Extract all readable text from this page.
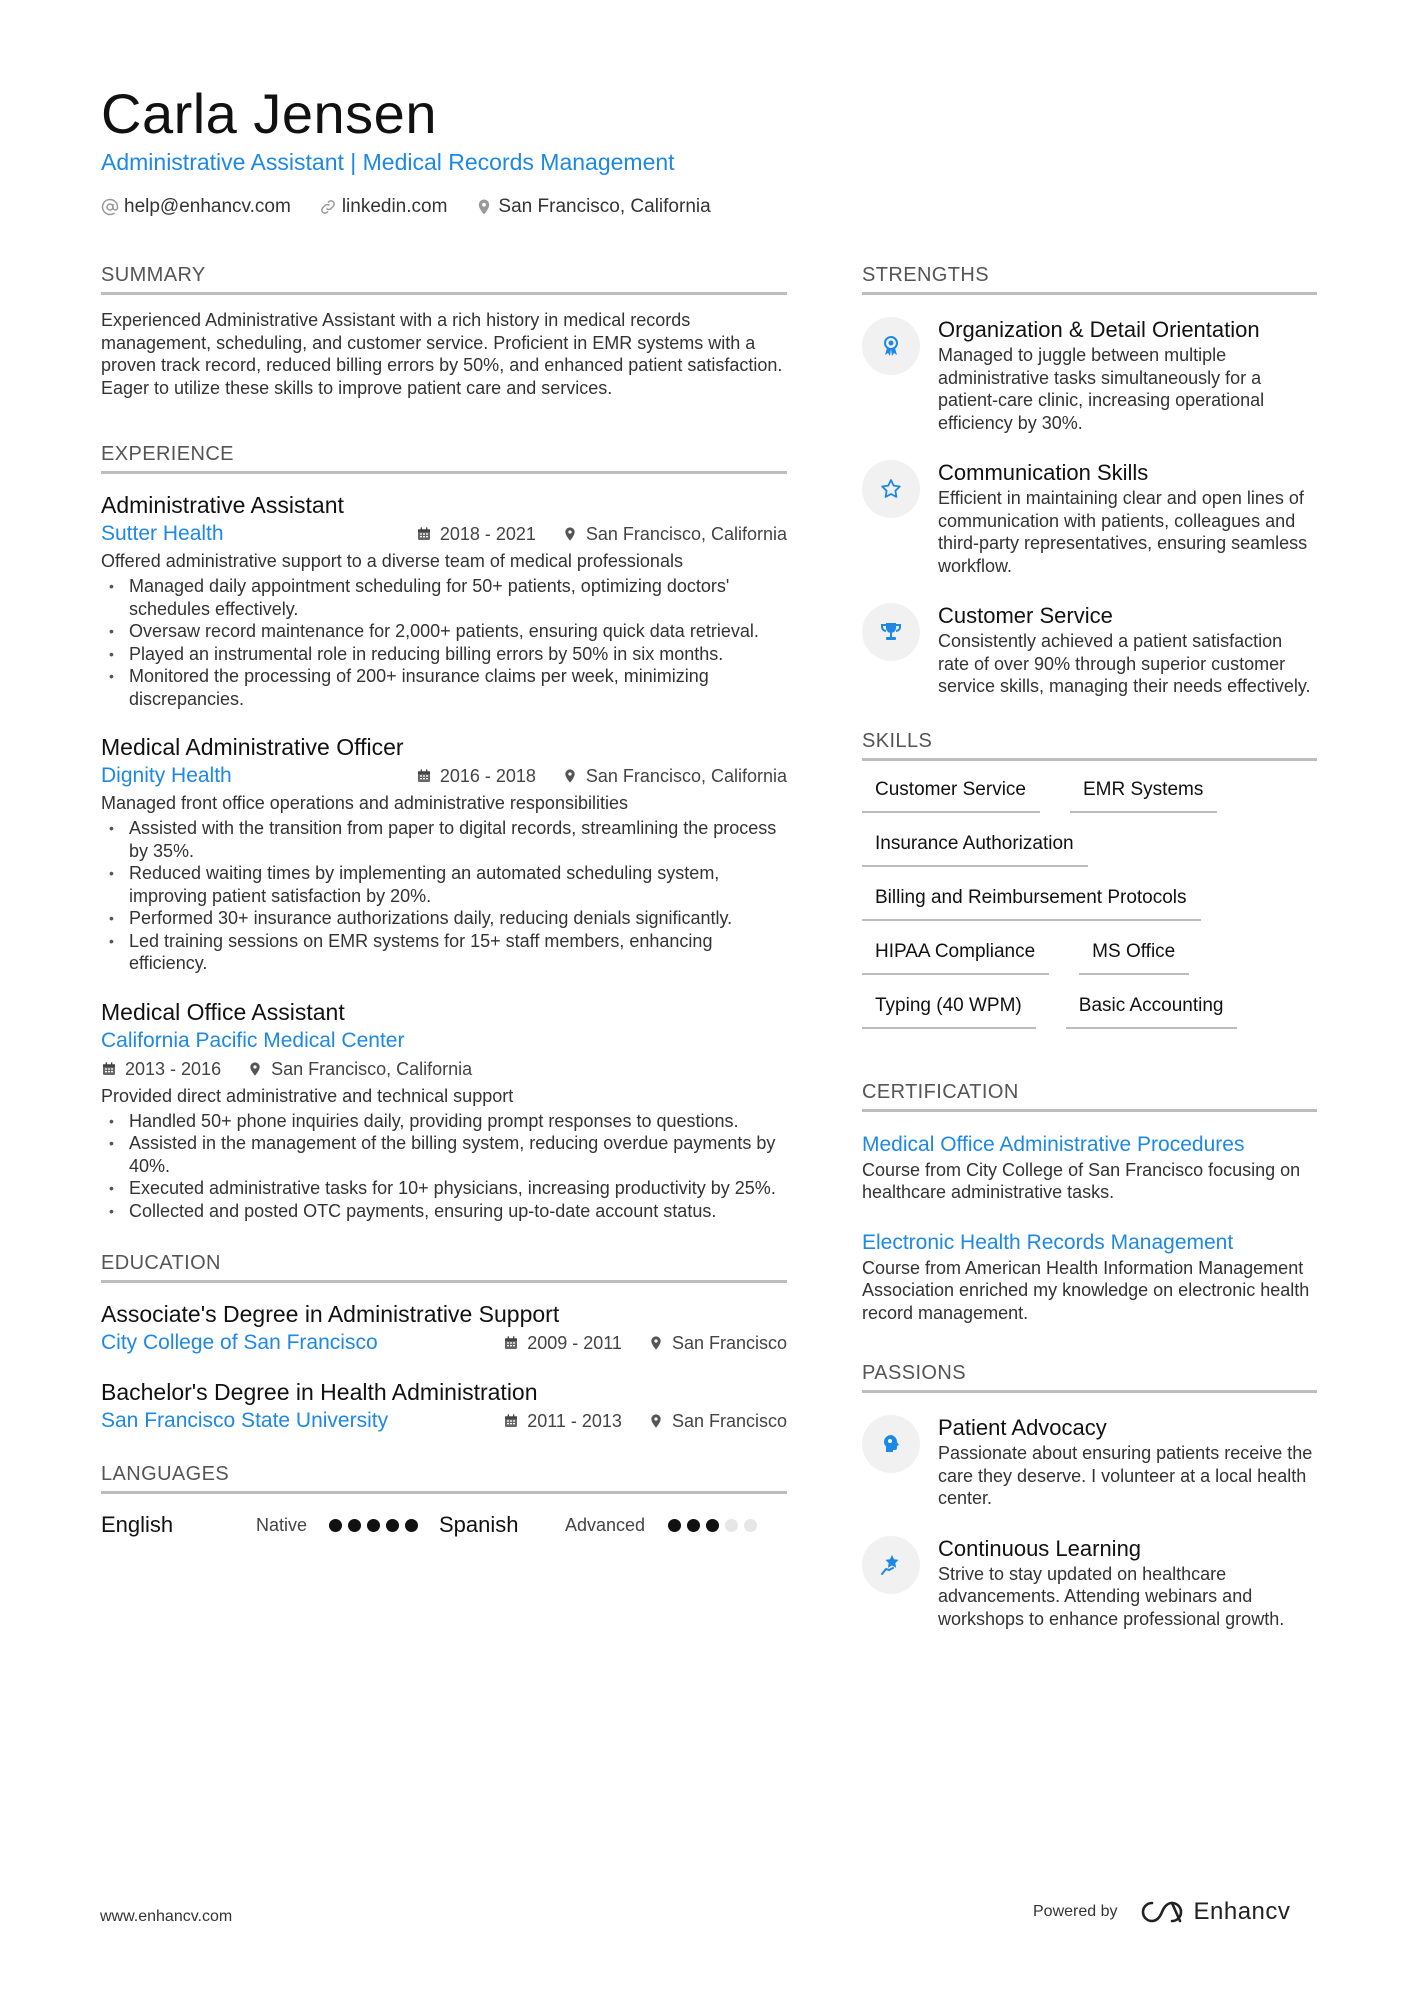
Carla Jensen
Administrative Assistant | Medical Records Management
help@enhancv.com	linkedin.com	San Francisco, California
SUMMARY

Experienced Administrative Assistant with a rich history in medical records management, scheduling, and customer service. Proficient in EMR systems with a proven track record, reduced billing errors by 50%, and enhanced patient satisfaction. Eager to utilize these skills to improve patient care and services.

EXPERIENCE
Administrative Assistant
Sutter Health	2018 - 2021	San Francisco, California
Offered administrative support to a diverse team of medical professionals
• Managed daily appointment scheduling for 50+ patients, optimizing doctors' schedules effectively.
• Oversaw record maintenance for 2,000+ patients, ensuring quick data retrieval.
• Played an instrumental role in reducing billing errors by 50% in six months.
• Monitored the processing of 200+ insurance claims per week, minimizing discrepancies.
Medical Administrative Officer
Dignity Health	2016 - 2018	San Francisco, California
Managed front office operations and administrative responsibilities
• Assisted with the transition from paper to digital records, streamlining the process by 35%.
• Reduced waiting times by implementing an automated scheduling system, improving patient satisfaction by 20%.
• Performed 30+ insurance authorizations daily, reducing denials significantly.
• Led training sessions on EMR systems for 15+ staff members, enhancing efficiency.
Medical Office Assistant
California Pacific Medical Center
2013 - 2016	San Francisco, California
Provided direct administrative and technical support
• Handled 50+ phone inquiries daily, providing prompt responses to questions.
• Assisted in the management of the billing system, reducing overdue payments by 40%.
• Executed administrative tasks for 10+ physicians, increasing productivity by 25%.
• Collected and posted OTC payments, ensuring up-to-date account status.
EDUCATION
Associate's Degree in Administrative Support
City College of San Francisco	2009 - 2011	San Francisco
Bachelor's Degree in Health Administration
San Francisco State University	2011 - 2013	San Francisco
LANGUAGES
English	Native	Spanish	Advanced
STRENGTHS
Organization & Detail Orientation
Managed to juggle between multiple administrative tasks simultaneously for a patient-care clinic, increasing operational efficiency by 30%.
Communication Skills
Efficient in maintaining clear and open lines of communication with patients, colleagues and third-party representatives, ensuring seamless workflow.
Customer Service
Consistently achieved a patient satisfaction rate of over 90% through superior customer service skills, managing their needs effectively.
SKILLS
Customer Service	EMR Systems
Insurance Authorization
Billing and Reimbursement Protocols
HIPAA Compliance	MS Office
Typing (40 WPM)	Basic Accounting
CERTIFICATION
Medical Office Administrative Procedures
Course from City College of San Francisco focusing on healthcare administrative tasks.
Electronic Health Records Management
Course from American Health Information Management Association enriched my knowledge on electronic health record management.
PASSIONS
Patient Advocacy
Passionate about ensuring patients receive the care they deserve. I volunteer at a local health center.
Continuous Learning
Strive to stay updated on healthcare advancements. Attending webinars and workshops to enhance professional growth.
www.enhancv.com	Powered by	Enhancv
